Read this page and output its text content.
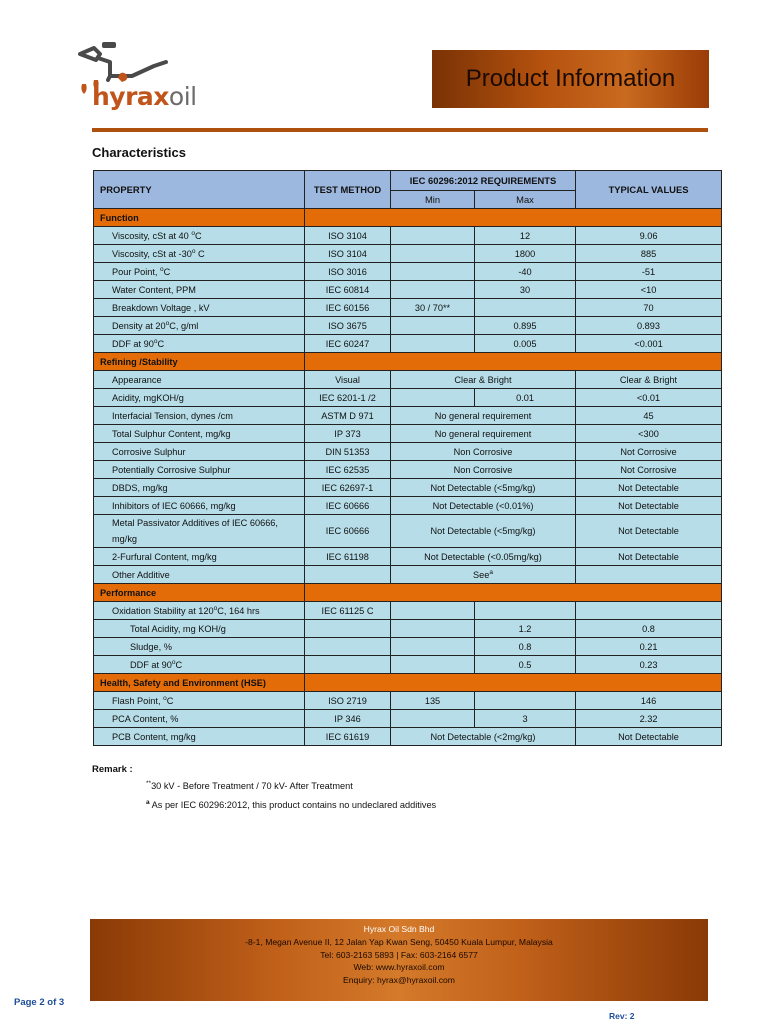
hyraxoil
Product Information
Characteristics
PROPERTY	TEST METHOD	IEC 60296:2012 REQUIREMENTS		TYPICAL VALUES
		Min	Max	
Function				
Viscosity, cSt at 40 $^o$C	ISO 3104		12	9.06
Viscosity, cSt at -30$^o$ C	ISO 3104		1800	885
Pour Point, $^o$C	ISO 3016		-40	-51
Water Content, PPM	IEC 60814		30	<10
Breakdown Voltage , kV	IEC 60156	30 / 70**		70
Density at 20$^o$C, g/ml	ISO 3675		0.895	0.893
DDF at 90$^o$C	IEC 60247		0.005	<0.001
Refining /Stability				
Appearance	Visual	Clear & Bright		Clear & Bright
Acidity, mgKOH/g	IEC 6201-1 /2		0.01	<0.01
Interfacial Tension, dynes /cm	ASTM D 971	No general requirement		45
Total Sulphur Content, mg/kg	IP 373	No general requirement		<300
Corrosive Sulphur	DIN 51353	Non Corrosive		Not Corrosive
Potentially Corrosive Sulphur	IEC 62535	Non Corrosive		Not Corrosive
DBDS, mg/kg	IEC 62697-1	Not Detectable (<5mg/kg)		Not Detectable
Inhibitors of IEC 60666, mg/kg	IEC 60666	Not Detectable (<0.01%)		Not Detectable
Metal Passivator Additives of IEC 60666,
mg/kg	IEC 60666	Not Detectable (<5mg/kg)		Not Detectable
2-Furfural Content, mg/kg	IEC 61198	Not Detectable (<0.05mg/kg)		Not Detectable
Other Additive		See$^a$	
Performance				
Oxidation Stability at 120$^o$C, 164 hrs	IEC 61125 C			
Total Acidity, mg KOH/g			1.2	0.8
Sludge, %			0.8	0.21
DDF at 90$^o$C			0.5	0.23
Health, Safety and Environment (HSE)				
Flash Point, $^o$C	ISO 2719	135		146
PCA Content, %	IP 346		3	2.32
PCB Content, mg/kg	IEC 61619	Not Detectable (<2mg/kg)		Not Detectable
Remark :
**30 kV - Before Treatment / 70 kV- After Treatment
$^a$ As per IEC 60296:2012, this product contains no undeclared additives
Hyrax Oil Sdn Bhd
-8-1, Megan Avenue II, 12 Jalan Yap Kwan Seng, 50450 Kuala Lumpur, Malaysia
Tel: 603-2163 5893 | Fax: 603-2164 6577
Web: www.hyraxoil.com
Enquiry: hyrax@hyraxoil.com
Page 2 of 3
Rev: 2
